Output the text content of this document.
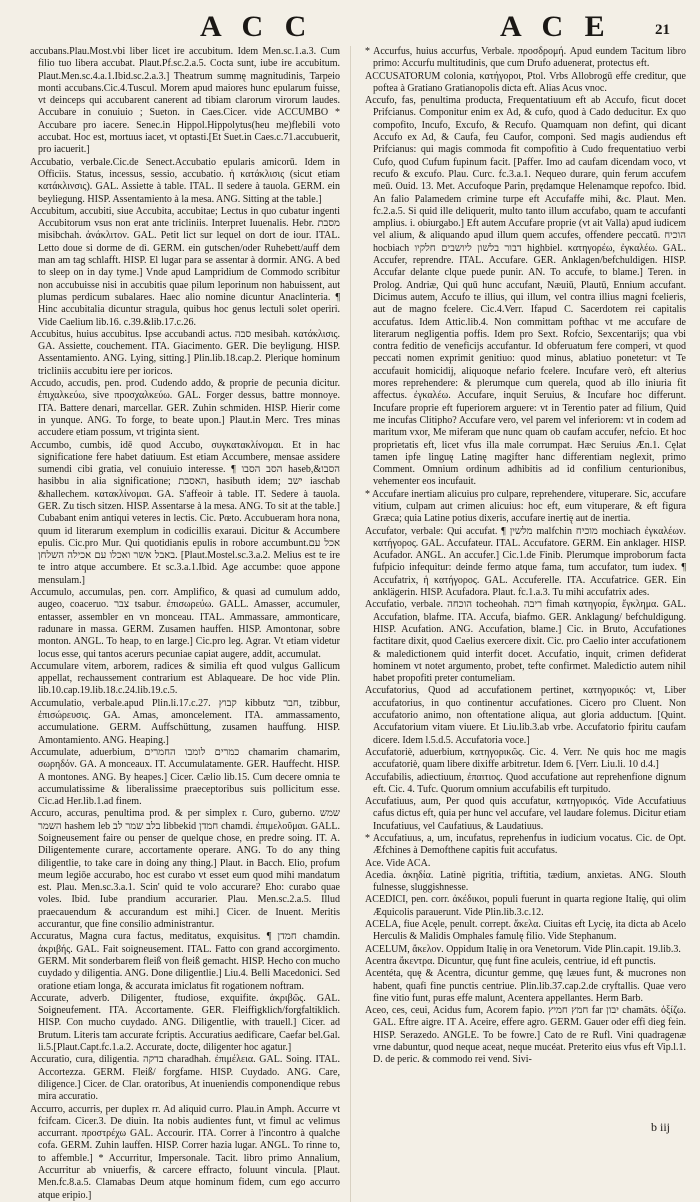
A C C	A C E	21

accubans.Plau.Most.vbi liber licet ire accubitum. Idem Men.sc.1.a.3. Cum filio tuo libera accubat. Plaut.Pf.sc.2.a.5. Cocta sunt, iube ire accubitum. Plaut.Men.sc.4.a.1.Ibid.sc.2.a.3.] Theatrum summę magnitudinis, Tarpeio monti accubans.Cic.4.Tuscul. Morem apud maiores hunc epularum fuisse, vt deinceps qui accubarent canerent ad tibiam clarorum virorum laudes. Accubare in conuiuio ; Sueton. in Caes.Cicer. vide ACCUMBO * Accubare pro iacere. Senec.in Hippol.Hippolytus(heu me)flebili voto accubat. Hoc est, mortuus iacet, vt optasti.[Et Suet.in Caes.c.71.accubuerit, pro iacuerit.]

Accubatio, verbale.Cic.de Senect.Accubatio epularis amicorū. Idem in Officiis. Status, incessus, sessio, accubatio. ἡ κατάκλισις (sicut etiam κατάκλινσις). GAL. Assiette à table. ITAL. Il sedere à tauola. GERM. ein beyliegung. HISP. Assentamiento à la mesa. ANG. Sitting at the table.]

Accubitum, accubiti, siue Accubita, accubitae; Lectus in quo cubatur ingenti Accubitorum vsus non erat ante tricliniis. Interpret Iuuenalis. Hebr. מסבת misibchah. ἀνάκλιτον. GAL. Petit lict sur lequel on dort de iour. ITAL. Letto doue si dorme de dì. GERM. ein gutschen/oder Ruhebett/auff dem man am tag schlafft. HISP. El lugar para se assentar à dormir. ANG. A bed to sleep on in day tyme.] Vnde apud Lampridium de Commodo scribitur non accubuisse nisi in accubitis quae pilum leporinum non habuissent, aut plumas perdicum subalares. Haec alio nomine dicuntur Anaclinteria. ¶ Hinc accubitalia dicuntur stragula, quibus hoc genus lectuli solet operiri. Vide Caelium lib.16. c.39.&lib.17.c.26.

Accubitus, huius accubitus. Ipse accubandi actus. סבה mesibah. κατάκλισις. GA. Assiette, couchement. ITA. Giacimento. GER. Die beyligung. HISP. Assentamiento. ANG. Lying, sitting.] Plin.lib.18.cap.2. Plerique hominum tricliniis accubitu iere per ioricos.

Accudo, accudis, pen. prod. Cudendo addo, & proprie de pecunia dicitur. ἐπιχαλκεύω, sive προσχαλκεύω. GAL. Forger dessus, battre monnoye. ITA. Battere denari, marcellar. GER. Zuhin schmiden. HISP. Hierir come in yunque. ANG. To forge, to beate upon.] Plaut.in Merc. Tres minas accudere etiam possum, vt triginta sient.

Accumbo, cumbis, idē quod Accubo, συγκατακλίνομαι. Et in hac significatione fere habet datiuum. Est etiam Accumbere, mensae assidere sumendi cibi gratia, vel conuiuio interesse. ¶ הסב הסבו haseb,&הסבו hasibbu in alia significatione; האסבת, hasibuth idem; ישב iaschab &hallechem. κατακλίνομαι. GA. S'affeoir à table. IT. Sedere à tauola. GER. Zu tisch sitzen. HISP. Assentarse à la mesa. ANG. To sit at the table.] Cubabant enim antiqui veteres in lectis. Cic. Pœto. Accubueram hora nona, quum id literarum exemplum in codicillis exaraui. Dicitur & Accumbere epulis. Cic.pro Mur. Qui quotidianis epulis in robore accumbunt.אכל עם באבל אשר ואכלו עם אכילה השלחן. [Plaut.Mostel.sc.3.a.2. Melius est te ire te intro atque accumbere. Et sc.3.a.1.Ibid. Age accumbe: quoe appone mensulam.]

Accumulo, accumulas, pen. corr. Amplifico, & quasi ad cumulum addo, augeo, coaceruo. צבר tsabur. ἐπισωρεύω. GALL. Amasser, accumuler, entasser, assembler en vn monceau. ITAL. Ammassare, ammonticare, radunare in massa. GERM. Zusamen hauffen. HISP. Amontonar, sobre monton. ANGL. To heap, to en large.] Cic.pro leg. Agrar. Vt etiam videtur locus esse, qui tantos acerurs pecuniae capiat augere, addit, accumulat.

Accumulare vitem, arborem, radices & similia eft quod vulgus Gallicum appellat, rechaussement contrarium est Ablaqueare. De hoc vide Plin. lib.10.cap.19.lib.18.c.24.lib.19.c.5.

Accumulatio, verbale.apud Plin.li.17.c.27. קבוץ kibbutz חבר, tzibbur, ἐπισώρευσις. GA. Amas, amoncelement. ITA. ammassamento, accumulatione. GERM. Auffschüttung, zusamen hauffung. HISP. Amontamiento. ANG. Heaping.]

Accumulate, aduerbium, כמרים לומבו החמרים chamarim chamarim, σωρηδόν. GA. A monceaux. IT. Accumulatamente. GER. Hauffecht. HISP. A montones. ANG. By heapes.] Cicer. Cælio lib.15. Cum decere omnia te accumulatissime & liberalissime praeceptoribus suis pollicitum esse. Cic.ad Her.lib.1.ad finem.

Accuro, accuras, penultima prod. & per simplex r. Curo, guberno. שמש השמר hashem leb בלב שמר לב libbekid חמדן chamdi. ἐπιμελοῦμαι. GALL. Soigneusement faire ou penser de quelque chose, en predre soing. IT. A. Diligentemente curare, accortamente operare. ANG. To do any thing diligentlie, to take care in doing any thing.] Plaut. in Bacch. Elio, profum meum legiōe accurabo, hoc est curabo vt esset eum quod mihi mandatum est. Plau. Men.sc.3.a.1. Scin' quid te volo accurare? Eho: curabo quae voles. Ibid. Iube prandium accurarier. Plau. Men.sc.2.a.5. Illud praecauendum & accurandum est mihi.] Cicer. de Inuent. Meritis accurantur, que fine consilio administrantur.

Accuratus, Magna cura factus, meditatus, exquisitus. ¶ חמדן chamdin. ἀκριβής. GAL. Fait soigneusement. ITAL. Fatto con grand accorgimento. GERM. Mit sonderbarem fleiß von fleiß gemacht. HISP. Hecho con mucho cuydado y diligentia. ANG. Done diligentlie.] Liu.4. Belli Macedonici. Sed oratione etiam longa, & accurata imiclatus fit rogationem noftram.

Accurate, adverb. Diligenter, ftudiose, exquifite. ἀκριβῶς. GAL. Soigneufement. ITA. Accortamente. GER. Fleiffigklich/forgfaltiklich. HISP. Con mucho cuydado. ANG. Diligentlie, with trauell.] Cicer. ad Brutum. Literis tam accurate fcriptis. Accuratius aedificare, Caefar bel.Gal. li.5.[Plaut.Capt.fc.1.a.2. Accurate, docte, diligenter hoc agatur.]

Accuratio, cura, diligentia. בדקה charadhah. ἐπιμέλεια. GAL. Soing. ITAL. Accortezza. GERM. Fleiß/ forgfame. HISP. Cuydado. ANG. Care, diligence.] Cicer. de Clar. oratoribus, At inueniendis componendique rebus mira accuratio.

Accurro, accurris, per duplex rr. Ad aliquid curro. Plau.in Amph. Accurre vt fcifcam. Cicer.3. De diuin. Ita nobis audientes funt, vt fimul ac velimus accurrant. προστρέχω GAL. Accourir. ITA. Correr à l'incontro à qualche cofa. GERM. Zuhin lauffen. HISP. Correr hazia lugar. ANGL. To rinne to, to affemble.] * Accurritur, Impersonale. Tacit. libro primo Annalium, Accurritur ab vniuerfis, & carcere effracto, foluunt vincula. [Plaut. Men.fc.8.a.5. Clamabas Deum atque hominum fidem, cum ego accurro atque eripio.]

* Accurfus, huius accurfus, Verbale. προσδρομή. Apud eundem Tacitum libro primo: Accurfu multitudinis, que cum Drufo aduenerat, protectus eft.

ACCUSATORUM colonia, κατήγοροι, Ptol. Vrbs Allobrogū effe creditur, que poftea à Gratiano Gratianopolis dicta eft. Alias Acus vnoc.

Accufo, fas, penultima producta, Frequentatiuum eft ab Accufo, ficut docet Prifcianus. Componitur enim ex Ad, & cufo, quod à Cado deducitur. Ex quo compofito, Incufo, Excufo, & Recufo. Quamquam non defint, qui dicant Accufo ex Ad, & Caufa, feu Caufor, componi. Sed magis audiendus eft Prifcianus: qui magis commoda fit compofitio à Cudo frequentatiuo verbi Cufo, quod Cufum fupinum facit. [Paffer. Imo ad caufam dicendam voco, vt recufo & excufo. Plau. Curc. fc.3.a.1. Nequeo durare, quin ferum accufem meū. Ouid. 13. Met. Accufoque Parin, prędamque Helenamque repofco. Ibid. An falio Palamedem crimine turpe eft Accufaffe mihi, &c. Plaut. Men. fc.2.a.5. Si quid ille deliquerit, multo tanto illum accufabo, quam te accufanti amplius. i. obiurgabo.] Eft autem Accufare proprie (vt ait Valla) apud iudicem vel alium, & aliquando apud illum quem accufes, offendere peccatū. הוכיח hocbiach דבור בלשון ליושבים חלקיו highbiel. κατηγορέω, ἐγκαλέω. GAL. Accufer, reprendre. ITAL. Accufare. GER. Anklagen/befchuldigen. HISP. Accufar delante clque puede punir. AN. To accufe, to blame.] Teren. in Prolog. Andriæ, Qui quū hunc accufant, Næuiū, Plautū, Ennium accufant. Dicimus autem, Accufo te illius, qui illum, vel contra illius magni fcelieris, aut de magno fcelere. Cic.4.Verr. Ifapud C. Sacerdotem rei capitalis accufatus. Idem Attic.lib.4. Non committam pofthac vt me accufare de literarum negligentia poffis. Idem pro Sext. Rofcio, Sexcentarijs; qua vbi contra feditio de veneficijs accufantur. Id obferuatum fere comperi, vt quod peccati nomen exprimit genitiuo: quod minus, ablatiuo ponetetur: vt Te accufauit homicidij, aliquoque nefario fcelere. Incufare verò, eft alterius mores reprehendere: & plerumque cum querela, quod ab illo iniuria fit affectus. ἐγκαλέω. Accufare, inquit Seruius, & Incufare hoc differunt. Incufare proprie eft fuperiorem arguere: vt in Terentio pater ad filium, Quid me incufas Clitipho? Accufare vero, vel parem vel inferiorem: vt in codem ad maritum vxor, Me miferam que nunc quam ob caufam accufer, nefcio. Et hoc proprietatis eft, licet vfus illa male corrumpat. Hæc Seruius Æn.1. Cęlat tamen ipfe linguę Latinę magifter hanc differentiam neglexit, primo Comment. Omnium ordinum adhibitis ad id confilium centurionibus, vehementer eos incufauit.

* Accufare inertiam alicuius pro culpare, reprehendere, vituperare. Sic, accufare vitium, culpam aut crimen alicuius: hoc eft, eum vituperare, & eft figura Græca; quia Latine potius dixeris, accufare inertię aut de inertia.

Accufator, verbale: Qui accufat. ¶ מלשין malfchin מוכיח mochiach ἐγκαλέων. κατήγορος. GAL. Accufateur. ITAL. Accufatore. GERM. Ein anklager. HISP. Acufador. ANGL. An accufer.] Cic.1.de Finib. Plerumque improborum facta fufpicio infequitur: deinde fermo atque fama, tum accufator, tum iudex. ¶ Accufatrix, ἡ κατήγορος. GAL. Accuferelle. ITA. Accufatrice. GER. Ein anklägerin. HISP. Acufadora. Plaut. fc.1.a.3. Tu mihi accufatrix ades.

Accufatio, verbale. הוכחה tocheohah. ריבה fimah κατηγορία, ἔγκλημα. GAL. Accufation, blafme. ITA. Accufa, biafmo. GER. Anklagung/ befchuldigung. HISP. Acufation. ANG. Accufation, blame.] Cic. in Bruto, Accufationes factitare dixit, quod Caelius exercere dixit. Cic. pro Caelio inter accufationem & maledictionem quid interfit docet. Accufatio, inquit, crimen defiderat hominem vt notet argumento, probet, tefte confirmet. Maledictio autem nihil habet propofiti preter contumeliam.

Accufatorius, Quod ad accufationem pertinet, κατηγορικός: vt, Liber accufatorius, in quo continentur accufationes. Cicero pro Cluent. Non accufatorio animo, non oftentatione aliqua, aut gloria adductum. [Quint. Accufatorium vitam viuere. Et Liu.lib.3.ab vrbe. Accufatorio fpiritu caufam dicere. Idem l.5.d.5. Accufatoria voce.]

Accufatoriè, aduerbium, κατηγορικῶς. Cic. 4. Verr. Ne quis hoc me magis accufatoriè, quam libere dixiffe arbitretur. Idem 6. [Verr. Liu.li. 10 d.4.]

Accufabilis, adiectiuum, ἐπαιτιος. Quod accufatione aut reprehenfione dignum eft. Cic. 4. Tufc. Quorum omnium accufabilis eft turpitudo.

Accufatiuus, aum, Per quod quis accufatur, κατηγορικός. Vide Accufatiuus cafus dictus eft, quia per hunc vel accufare, vel laudare folemus. Dicitur etiam Incufatiuus, vel Caufatiuus, & Laudatiuus.

* Accufatiuus, a, um, incufatus, reprehenfus in iudicium vocatus. Cic. de Opt. Æfchines à Demofthene capitis fuit accufatus.

Ace. Vide ACA.

Acedia. ἀκηδία. Latinè pigritia, triftitia, tædium, anxietas. ANG. Slouth fulnesse, sluggishnesse.

ACEDICI, pen. corr. ἀκέδικοι, populi fuerunt in quarta regione Italię, qui olim Æquicolis parauerunt. Vide Plin.lib.3.c.12.

ACELA, fiue Acęle, penult. corrept. ἄκελα. Ciuitas eft Lycię, ita dicta ab Acelo Herculis & Malidis Omphales famulę filio. Vide Stephanum.

ACELUM, ἄκελον. Oppidum Italię in ora Venetorum. Vide Plin.capit. 19.lib.3.

Acentra ἄκεντρα. Dicuntur, quę funt fine aculeis, centriue, id eft punctis.

Acentéta, quę & Acentra, dicuntur gemme, quę læues funt, & mucrones non habent, quafi fine punctis centriue. Plin.lib.37.cap.2.de cryftallis. Quae vero fine vitio funt, puras effe malunt, Acentera appellantes. Herm Barb.

Aceo, ces, ceui, Acidus fum, Acorem fapio. חמץ חמיץ far יבון chamäts. ὀξίζω. GAL. Eftre aigre. IT A. Aceire, effere agro. GERM. Gauer oder effi dieg fein. HISP. Serazedo. ANGLE. To be fowre.] Cato de re Rufl. Vini quadragenæ vrne dabuntur, quod neque aceat, neque mucéat. Preterito eius vfus eft Vip.l.1. D. de peric. & commodo rei vend. Sivi-

b iij
